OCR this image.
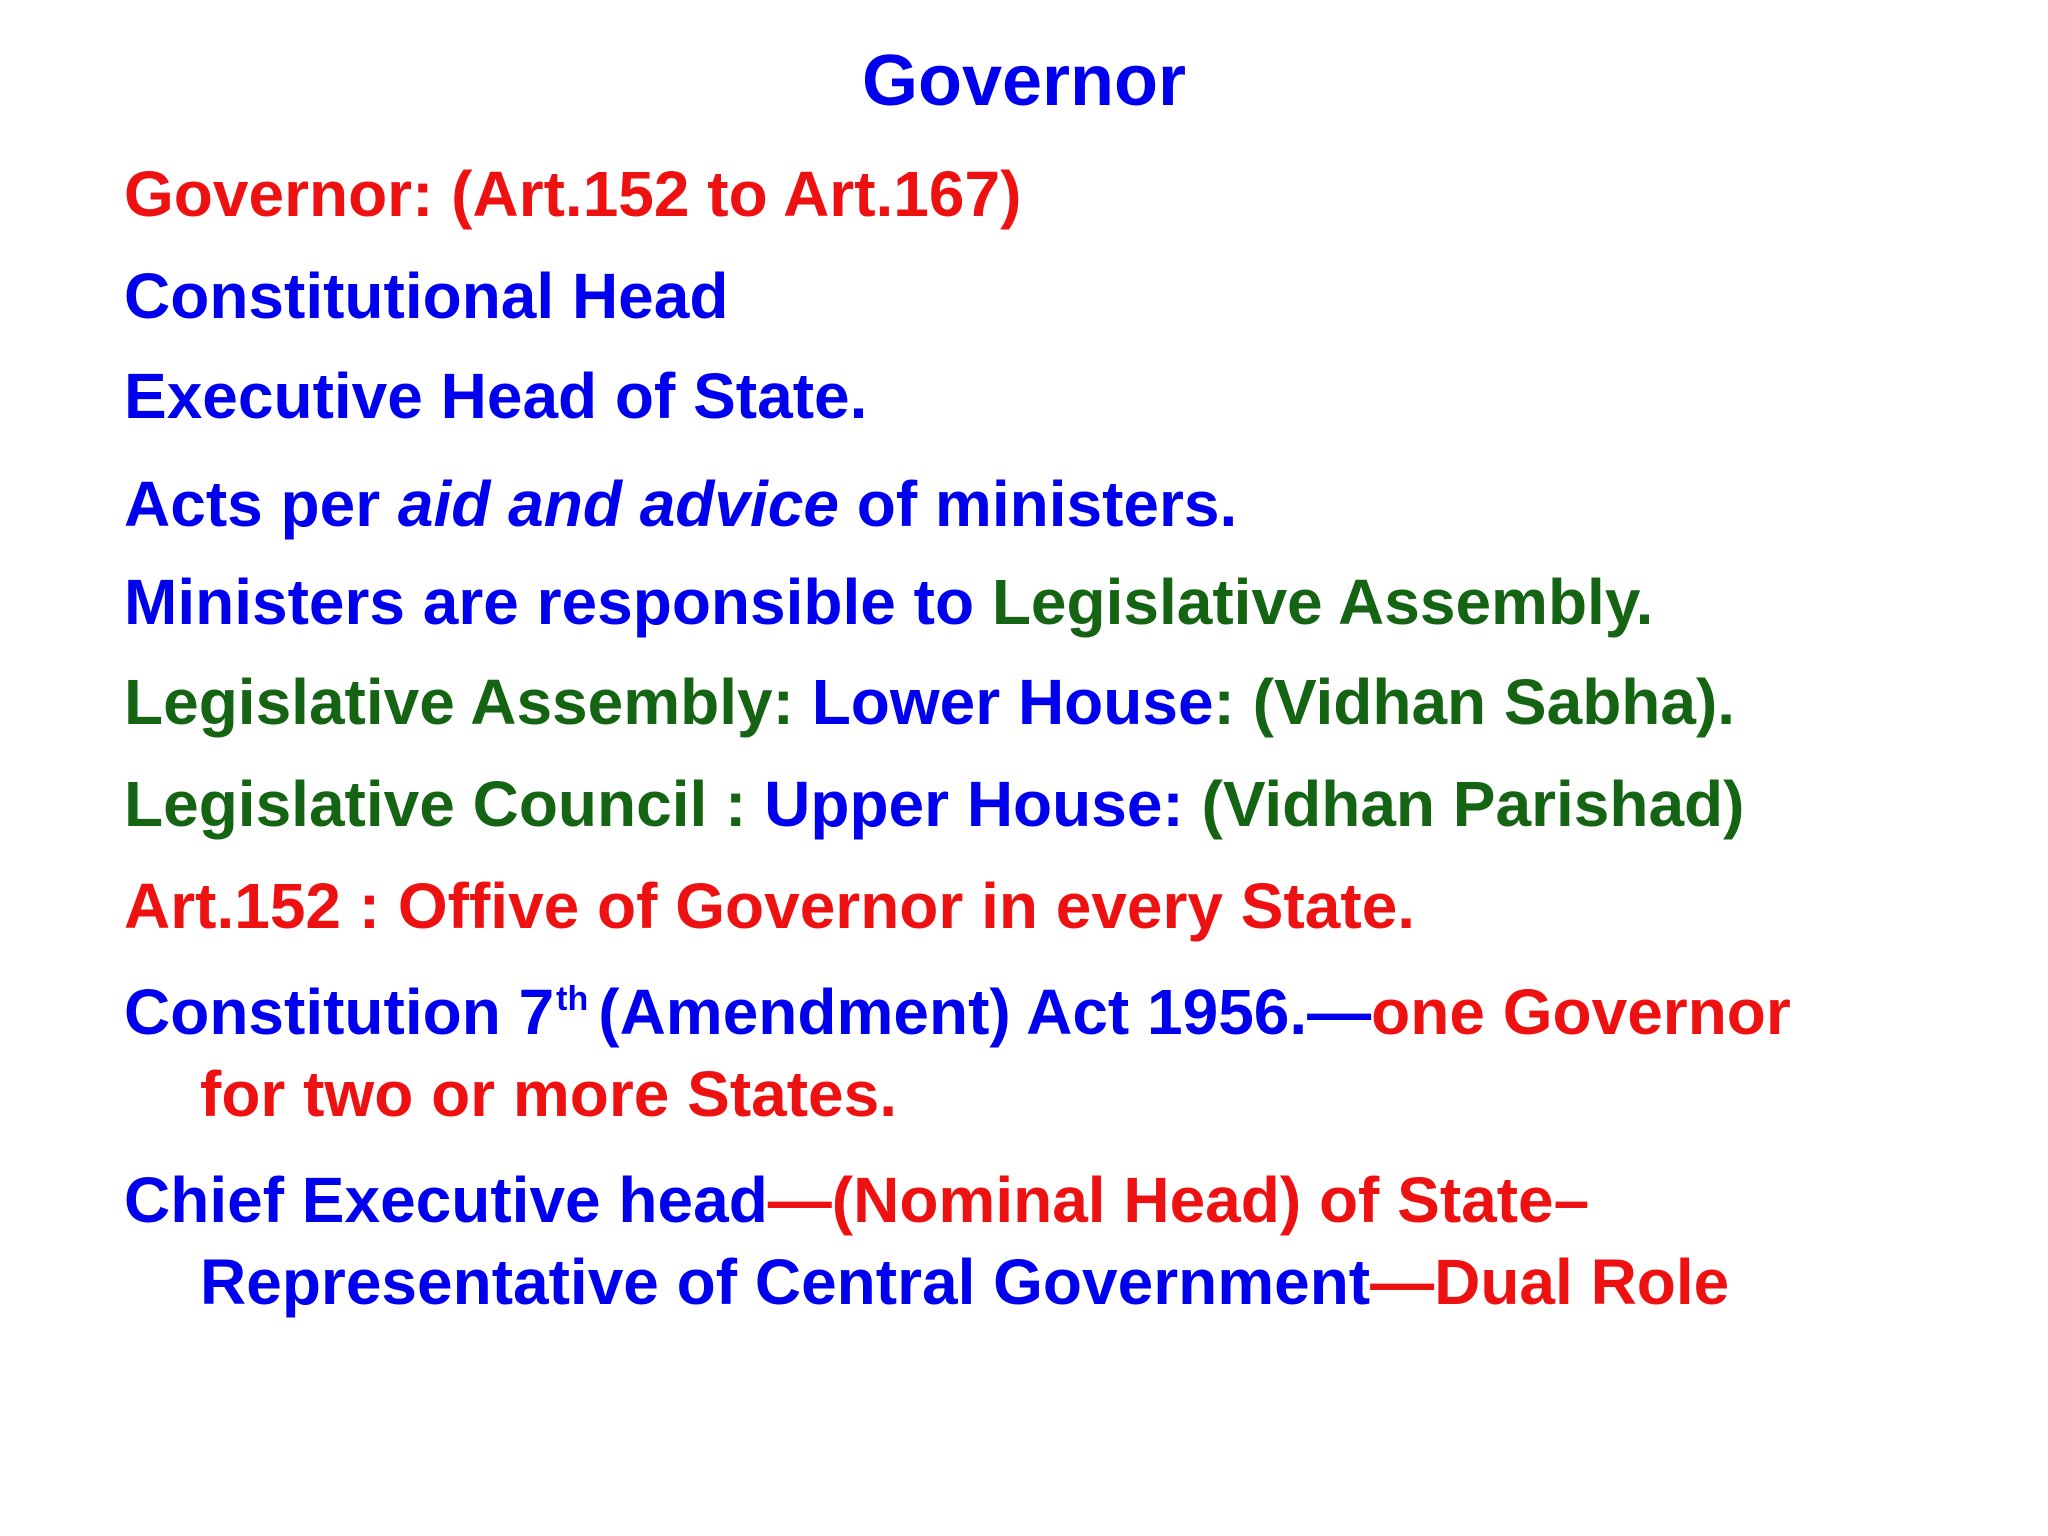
Governor
Governor: (Art.152 to Art.167)
Constitutional Head
Executive Head of State.
Acts per aid and advice of ministers.
Ministers are responsible to Legislative Assembly.
Legislative Assembly: Lower House: (Vidhan Sabha).
Legislative Council : Upper House: (Vidhan Parishad)
Art.152 : Offive of Governor in every State.
Constitution 7th (Amendment) Act 1956.—one Governor
for two or more States.
Chief Executive head—(Nominal Head) of State–
Representative of Central Government—Dual Role
